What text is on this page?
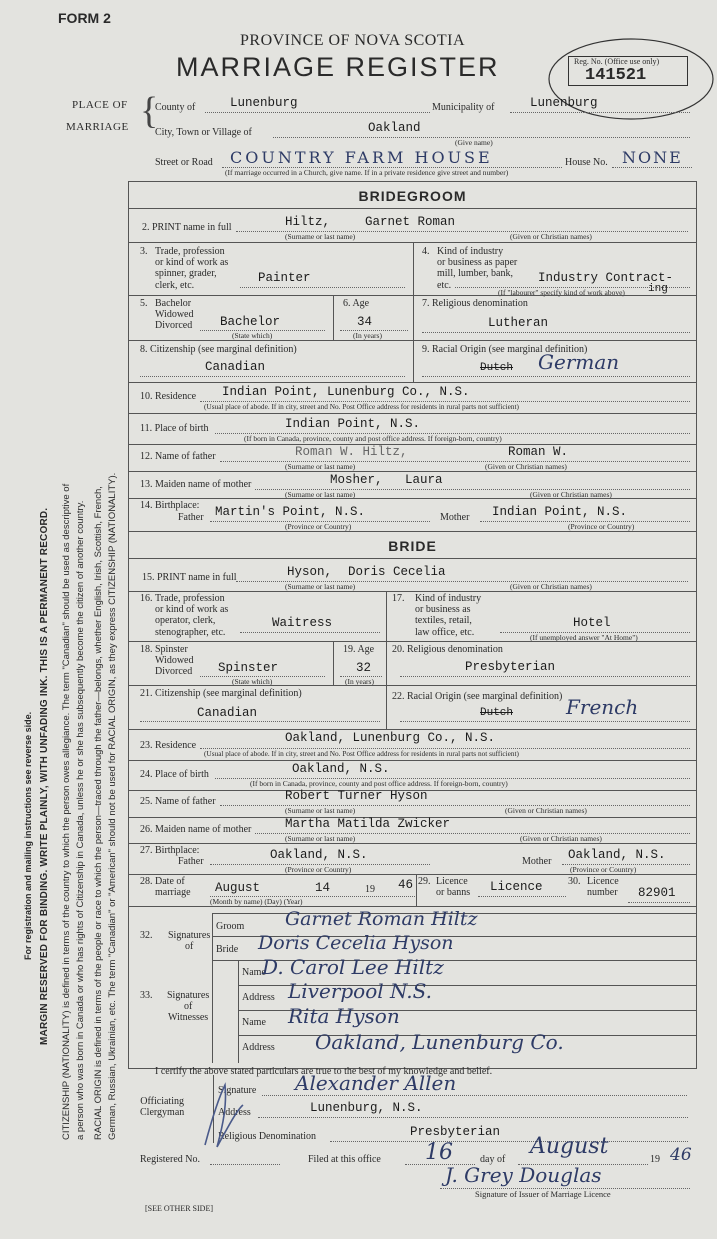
For registration and mailing instructions see reverse side. MARGIN RESERVED FOR BINDING. WRITE PLAINLY, WITH UNFADING INK. THIS IS A PERMANENT RECORD. CITIZENSHIP (NATIONALITY) is defined in terms of the country to which the person owes allegiance. The term "Canadian" should be used as descriptive of a person who was born in Canada or who has rights of Citizenship in Canada, unless he or she has subsequently become the citizen of another country. RACIAL ORIGIN is defined in terms of the people or race to which the person—traced through the father—belongs, whether English, Irish, Scottish, French, German, Russian, Ukrainian, etc. The term "Canadian" or "American" should not be used for RACIAL ORIGIN, as they express CITIZENSHIP (NATIONALITY).
FORM 2
PROVINCE OF NOVA SCOTIA
MARRIAGE REGISTER	Reg. No. (Office use only)
141521
PLACE OF
MARRIAGE {
County of	Lunenburg	Municipality of	Lunenburg
City, Town or Village of	Oakland
(Give name)
Street or Road COUNTRY FARM HOUSE	House No. NONE
(If marriage occurred in a Church, give name. If in a private residence give street and number)
BRIDEGROOM
2. PRINT name in full	Hiltz,	Garnet Roman
(Surname or last name)	(Given or Christian names)
3. Trade, profession
or kind of work as
spinner, grader,
clerk, etc.
Painter
4. Kind of industry
or business as paper
mill, lumber, bank,
etc.
Industry Contract-
ing
(If "labourer" specify kind of work above)
5. Bachelor
Widowed
Divorced Bachelor
(State which)
6. Age
34
(In years)
7. Religious denomination
Lutheran
8. Citizenship (see marginal definition)
Canadian
9. Racial Origin (see marginal definition)
Dutch German
10. Residence Indian Point, Lunenburg Co., N.S.
(Usual place of abode. If in city, street and No. Post Office address for residents in rural parts not sufficient)
11. Place of birth	Indian Point, N.S.
(If born in Canada, province, county and post office address. If foreign-born, country)
12. Name of father	Roman W. Hiltz,	Roman W.
(Surname or last name)	(Given or Christian names)
13. Maiden name of mother	Mosher, Laura
(Surname or last name)	(Given or Christian names)
14. Birthplace:
Father Martin's Point, N.S.
(Province or Country)
Mother Indian Point, N.S.
(Province or Country)
BRIDE
15. PRINT name in full	Hyson, Doris Cecelia
(Surname or last name)	(Given or Christian names)
16. Trade, profession
or kind of work as
operator, clerk,
stenographer, etc.
Waitress
17. Kind of industry
or business as
textiles, retail,
law office, etc.
Hotel
(If unemployed answer "At Home")
18. Spinster
Widowed
Divorced Spinster
(State which)
19. Age
32
(In years)
20. Religious denomination
Presbyterian
21. Citizenship (see marginal definition)
Canadian
22. Racial Origin (see marginal definition)
Dutch	French
23. Residence
Oakland, Lunenburg Co., N.S.
(Usual place of abode. If in city, street and No. Post Office address for residents in rural parts not sufficient)
24. Place of birth	Oakland, N.S.
(If born in Canada, province, county and post office address. If foreign-born, country)
25. Name of father	Robert Turner Hyson
(Surname or last name)	(Given or Christian names)
26. Maiden name of mother	Martha Matilda Zwicker
(Surname or last name)	(Given or Christian names)
27. Birthplace:
Father	Oakland, N.S.
(Province or Country)
Mother Oakland, N.S.
(Province or Country)
28. Date of
marriage August	14	19 46
(Month by name) (Day) (Year)
29. Licence
or banns Licence	30. Licence
number 82901
32. Signatures
of
Groom Garnet Roman Hiltz
Bride Doris Cecelia Hyson
33. Signatures
of
Witnesses
Name
D. Carol Lee Hiltz
Address Liverpool N.S.
Name Rita Hyson
Address Oakland, Lunenburg Co.
I certify the above stated particulars are true to the best of my knowledge and belief.
Officiating
Clergyman
Signature Alexander Allen
Address	Lunenburg, N.S.
Religious Denomination	Presbyterian
Registered No.	Filed at this office 16	day of
August
19 46
J. Grey Douglas
Signature of Issuer of Marriage Licence
[SEE OTHER SIDE]
